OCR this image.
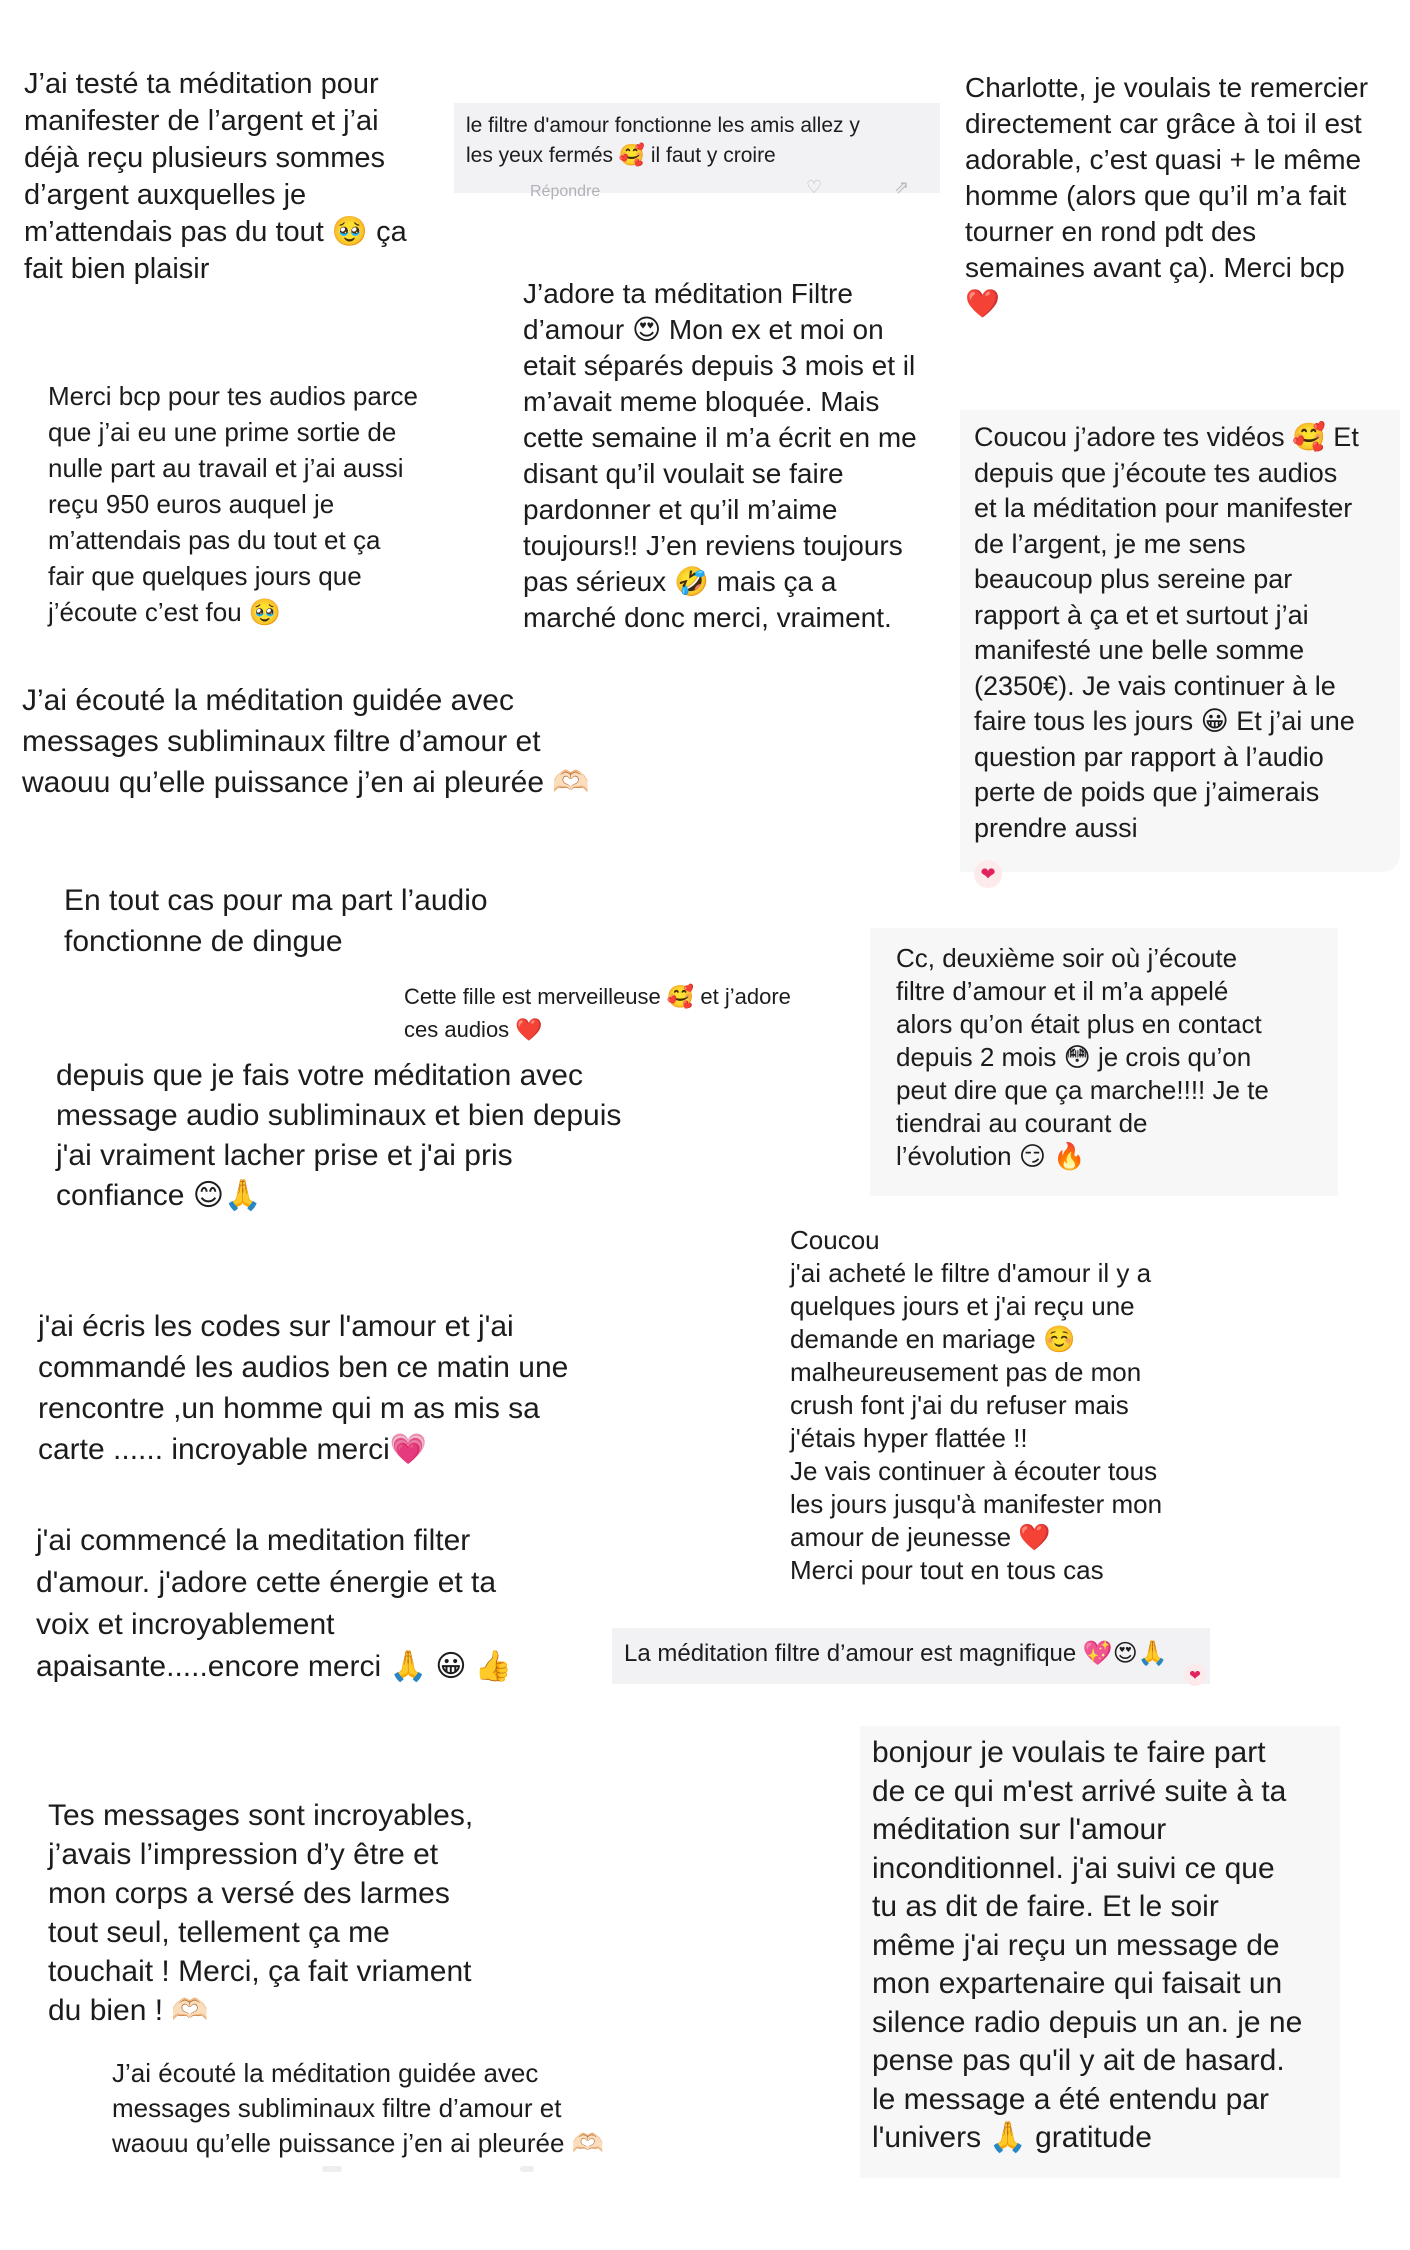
J’ai testé ta méditation pour
manifester de l’argent et j’ai
déjà reçu plusieurs sommes
d’argent auxquelles je
m’attendais pas du tout 🥹 ça
fait bien plaisir

le filtre d'amour fonctionne les amis allez y
les yeux fermés 🥰 il faut y croire

Répondre	♡	⇗

Charlotte, je voulais te remercier
directement car grâce à toi il est
adorable, c’est quasi + le même
homme (alors que qu’il m’a fait
tourner en rond pdt des
semaines avant ça). Merci bcp
❤️

J’adore ta méditation Filtre
d’amour 😍 Mon ex et moi on
etait séparés depuis 3 mois et il
m’avait meme bloquée. Mais
cette semaine il m’a écrit en me
disant qu’il voulait se faire
pardonner et qu’il m’aime
toujours!! J’en reviens toujours
pas sérieux 🤣 mais ça a
marché donc merci, vraiment.

Merci bcp pour tes audios parce
que j’ai eu une prime sortie de
nulle part au travail et j’ai aussi
reçu 950 euros auquel je
m’attendais pas du tout et ça
fair que quelques jours que
j’écoute c’est fou 🥹

Coucou j’adore tes vidéos 🥰 Et
depuis que j’écoute tes audios
et la méditation pour manifester
de l’argent, je me sens
beaucoup plus sereine par
rapport à ça et et surtout j’ai
manifesté une belle somme
(2350€). Je vais continuer à le
faire tous les jours 😀 Et j’ai une
question par rapport à l’audio
perte de poids que j’aimerais
prendre aussi

❤

J’ai écouté la méditation guidée avec
messages subliminaux filtre d’amour et
waouu qu’elle puissance j’en ai pleurée 🫶🏻

En tout cas pour ma part l’audio
fonctionne de dingue

Cette fille est merveilleuse 🥰 et j’adore
ces audios ❤️

Cc, deuxième soir où j’écoute
filtre d’amour et il m’a appelé
alors qu’on était plus en contact
depuis 2 mois 😳 je crois qu’on
peut dire que ça marche!!!! Je te
tiendrai au courant de
l’évolution 😏 🔥

depuis que je fais votre méditation avec
message audio subliminaux et bien depuis
j'ai vraiment lacher prise et j'ai pris
confiance 😊🙏

Coucou
j'ai acheté le filtre d'amour il y a
quelques jours et j'ai reçu une
demande en mariage ☺️
malheureusement pas de mon
crush font j'ai du refuser mais
j'étais hyper flattée !!
Je vais continuer à écouter tous
les jours jusqu'à manifester mon
amour de jeunesse ❤️
Merci pour tout en tous cas

j'ai écris les codes sur l'amour et j'ai
commandé les audios ben ce matin une
rencontre ,un homme qui m as mis sa
carte ...... incroyable merci💗

j'ai commencé la meditation filter
d'amour. j'adore cette énergie et ta
voix et incroyablement
apaisante.....encore merci 🙏 😀 👍	La méditation filtre d’amour est magnifique 💖😍🙏

❤

bonjour je voulais te faire part
de ce qui m'est arrivé suite à ta
méditation sur l'amour
inconditionnel. j'ai suivi ce que
tu as dit de faire. Et le soir
même j'ai reçu un message de
mon expartenaire qui faisait un
silence radio depuis un an. je ne
pense pas qu'il y ait de hasard.
le message a été entendu par
l'univers 🙏 gratitude

Tes messages sont incroyables,
j’avais l’impression d’y être et
mon corps a versé des larmes
tout seul, tellement ça me
touchait ! Merci, ça fait vriament
du bien ! 🫶🏻

J’ai écouté la méditation guidée avec
messages subliminaux filtre d’amour et
waouu qu’elle puissance j’en ai pleurée 🫶🏻
